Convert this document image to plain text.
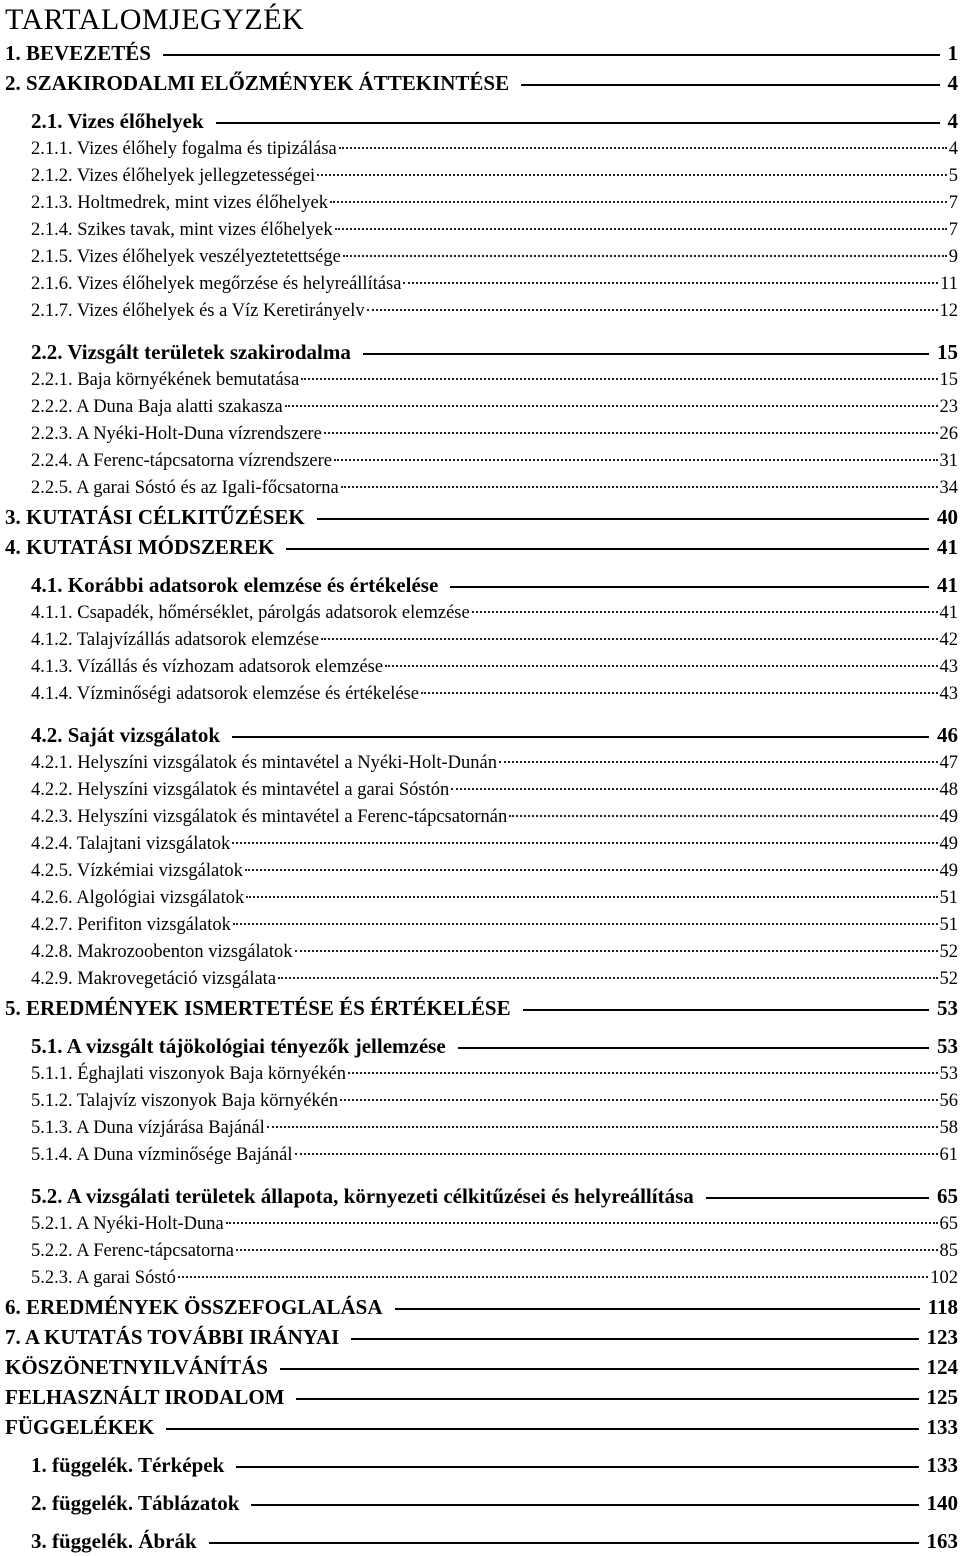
TARTALOMJEGYZÉK
1. BEVEZETÉS	1
2. SZAKIRODALMI ELŐZMÉNYEK ÁTTEKINTÉSE	4
2.1. Vizes élőhelyek	4
2.1.1. Vizes élőhely fogalma és tipizálása	4
2.1.2. Vizes élőhelyek jellegzetességei	5
2.1.3. Holtmedrek, mint vizes élőhelyek	7
2.1.4. Szikes tavak, mint vizes élőhelyek	7
2.1.5. Vizes élőhelyek veszélyeztetettsége	9
2.1.6. Vizes élőhelyek megőrzése és helyreállítása	11
2.1.7. Vizes élőhelyek és a Víz Keretirányelv	12
2.2. Vizsgált területek szakirodalma	15
2.2.1. Baja környékének bemutatása	15
2.2.2. A Duna Baja alatti szakasza	23
2.2.3. A Nyéki-Holt-Duna vízrendszere	26
2.2.4. A Ferenc-tápcsatorna vízrendszere	31
2.2.5. A garai Sóstó és az Igali-főcsatorna	34
3. KUTATÁSI CÉLKITŰZÉSEK	40
4. KUTATÁSI MÓDSZEREK	41
4.1. Korábbi adatsorok elemzése és értékelése	41
4.1.1. Csapadék, hőmérséklet, párolgás adatsorok elemzése	41
4.1.2. Talajvízállás adatsorok elemzése	42
4.1.3. Vízállás és vízhozam adatsorok elemzése	43
4.1.4. Vízminőségi adatsorok elemzése és értékelése	43
4.2. Saját vizsgálatok	46
4.2.1. Helyszíni vizsgálatok és mintavétel a Nyéki-Holt-Dunán	47
4.2.2. Helyszíni vizsgálatok és mintavétel a garai Sóstón	48
4.2.3. Helyszíni vizsgálatok és mintavétel a Ferenc-tápcsatornán	49
4.2.4. Talajtani vizsgálatok	49
4.2.5. Vízkémiai vizsgálatok	49
4.2.6. Algológiai vizsgálatok	51
4.2.7. Perifiton vizsgálatok	51
4.2.8. Makrozoobenton vizsgálatok	52
4.2.9. Makrovegetáció vizsgálata	52
5. EREDMÉNYEK ISMERTETÉSE ÉS ÉRTÉKELÉSE	53
5.1. A vizsgált tájökológiai tényezők jellemzése	53
5.1.1. Éghajlati viszonyok Baja környékén	53
5.1.2. Talajvíz viszonyok Baja környékén	56
5.1.3. A Duna vízjárása Bajánál	58
5.1.4. A Duna vízminősége Bajánál	61
5.2. A vizsgálati területek állapota, környezeti célkitűzései és helyreállítása	65
5.2.1. A Nyéki-Holt-Duna	65
5.2.2. A Ferenc-tápcsatorna	85
5.2.3. A garai Sóstó	102
6. EREDMÉNYEK ÖSSZEFOGLALÁSA	118
7. A KUTATÁS TOVÁBBI IRÁNYAI	123
KÖSZÖNETNYILVÁNÍTÁS	124
FELHASZNÁLT IRODALOM	125
FÜGGELÉKEK	133
1. függelék. Térképek	133
2. függelék. Táblázatok	140
3. függelék. Ábrák	163
